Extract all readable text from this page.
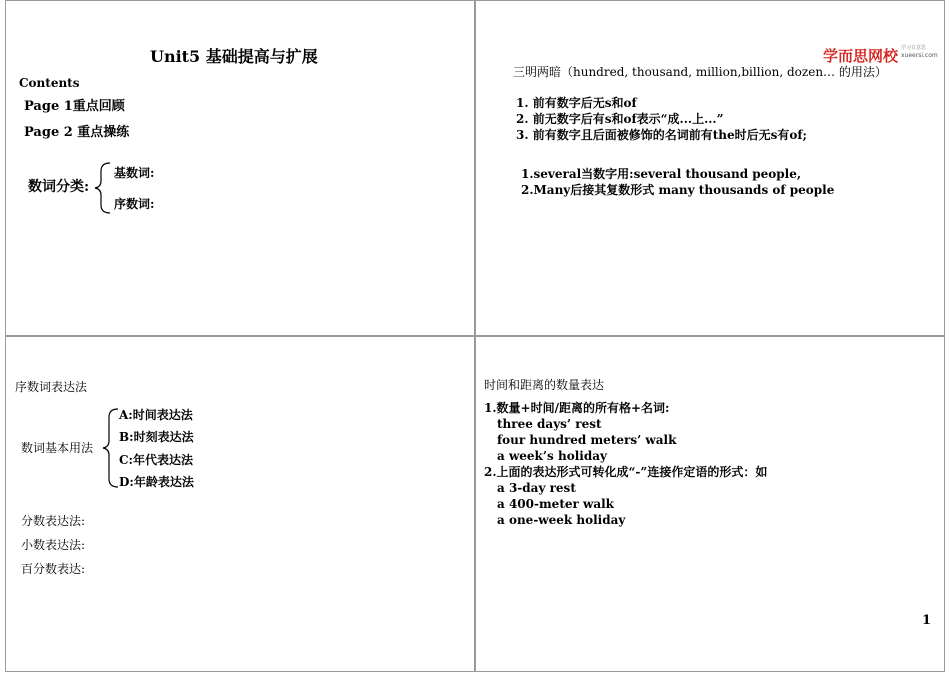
Unit5 基础提高与扩展
Contents
Page 1重点回顾
Page 2 重点操练
数词分类:
基数词:
序数词:
学而思网校 学习有意思
xueersi.com
三明两暗（hundred, thousand, million,billion, dozen… 的用法）
1. 前有数字后无s和of
2. 前无数字后有s和of表示“成...上...”
3. 前有数字且后面被修饰的名词前有the时后无s有of;
1.several当数字用:several thousand people,
2.Many后接其复数形式 many thousands of people
序数词表达法
数词基本用法
A:时间表达法
B:时刻表达法
C:年代表达法
D:年龄表达法
分数表达法:
小数表达法:
百分数表达:
时间和距离的数量表达
1.数量+时间/距离的所有格+名词:
three days’ rest
four hundred meters’ walk
a week’s holiday
2.上面的表达形式可转化成“-”连接作定语的形式：如
a 3-day rest
a 400-meter walk
a one-week holiday
1
